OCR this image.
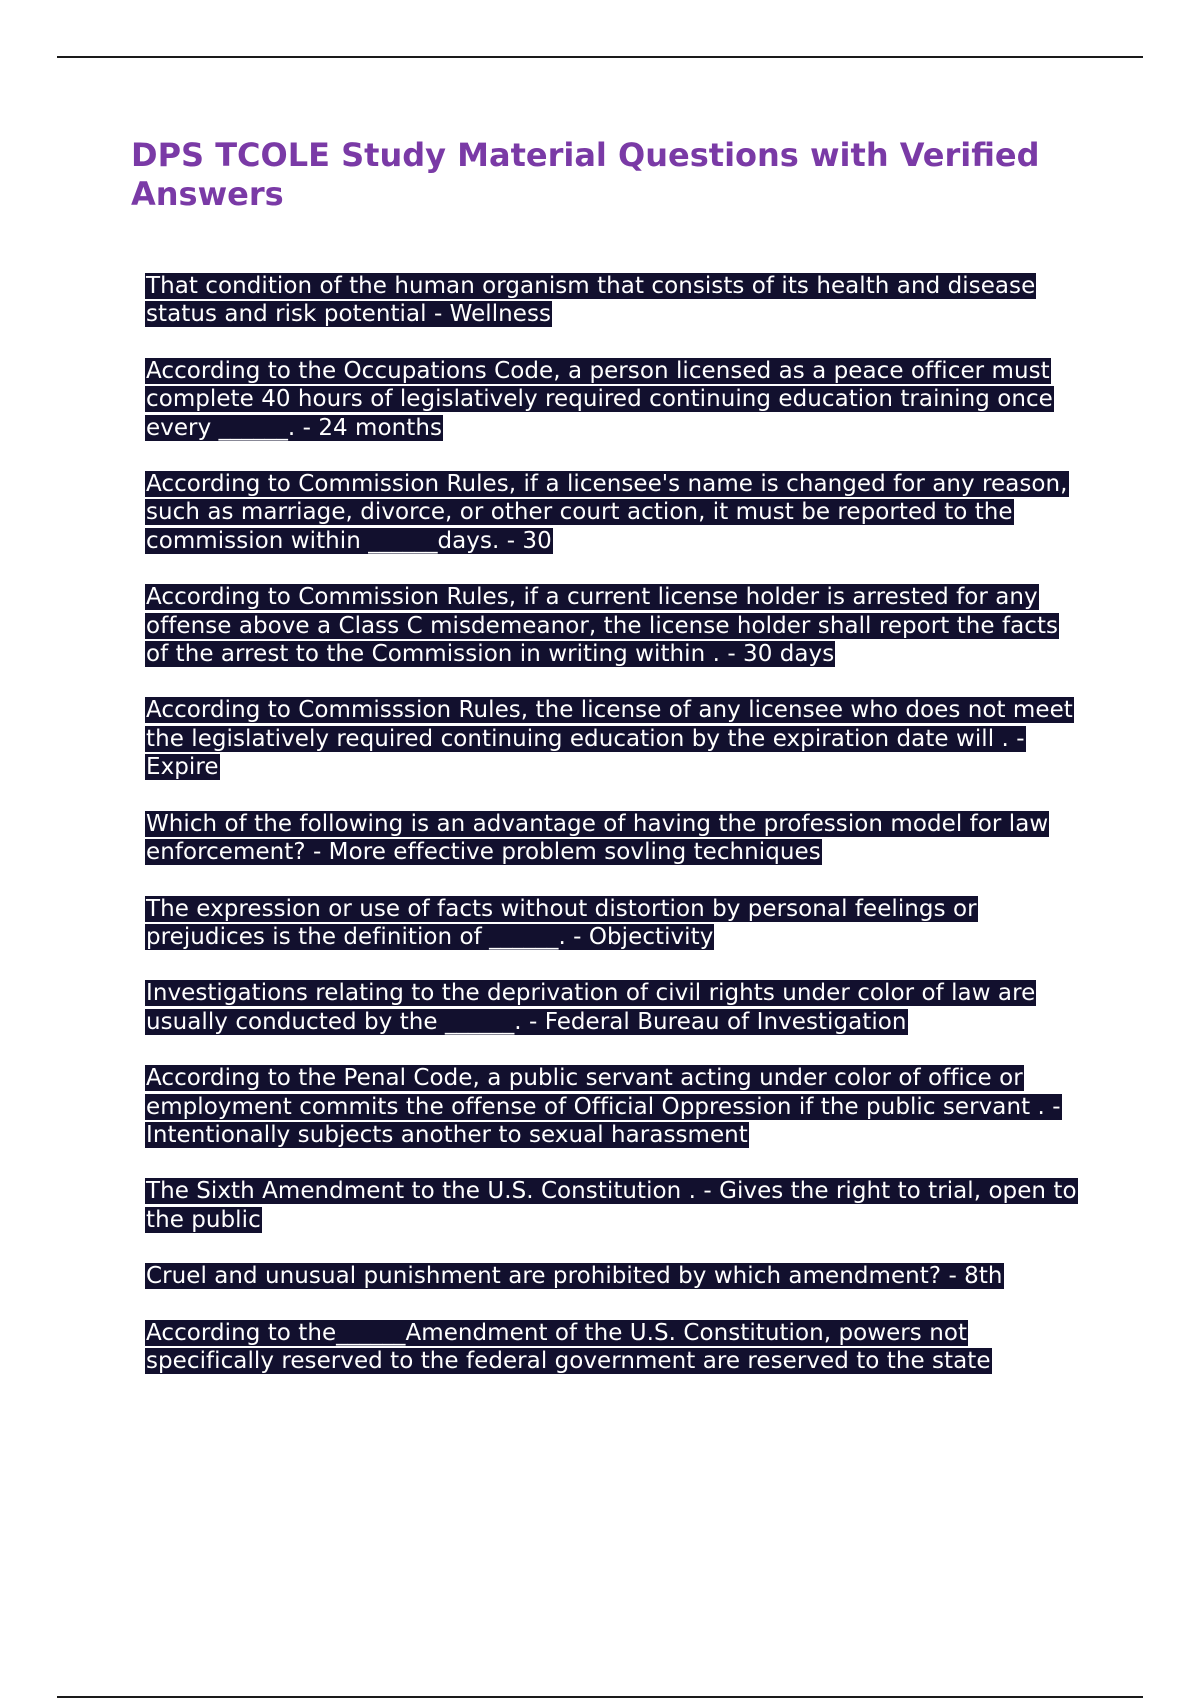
DPS TCOLE Study Material Questions with Verified Answers

That condition of the human organism that consists of its health and disease status and risk potential - Wellness

According to the Occupations Code, a person licensed as a peace officer must complete 40 hours of legislatively required continuing education training once every ______. - 24 months

According to Commission Rules, if a licensee's name is changed for any reason, such as marriage, divorce, or other court action, it must be reported to the commission within ______days. - 30

According to Commission Rules, if a current license holder is arrested for any offense above a Class C misdemeanor, the license holder shall report the facts of the arrest to the Commission in writing within . - 30 days

According to Commisssion Rules, the license of any licensee who does not meet the legislatively required continuing education by the expiration date will . - Expire

Which of the following is an advantage of having the profession model for law enforcement? - More effective problem sovling techniques

The expression or use of facts without distortion by personal feelings or prejudices is the definition of ______. - Objectivity

Investigations relating to the deprivation of civil rights under color of law are usually conducted by the ______. - Federal Bureau of Investigation

According to the Penal Code, a public servant acting under color of office or employment commits the offense of Official Oppression if the public servant . - Intentionally subjects another to sexual harassment

The Sixth Amendment to the U.S. Constitution . - Gives the right to trial, open to the public

Cruel and unusual punishment are prohibited by which amendment? - 8th

According to the______Amendment of the U.S. Constitution, powers not specifically reserved to the federal government are reserved to the state
